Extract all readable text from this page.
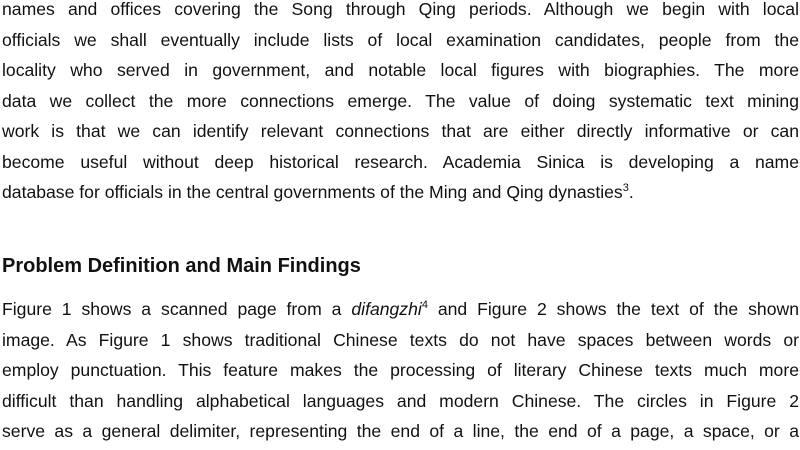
names and offices covering the Song through Qing periods. Although we begin with local
officials we shall eventually include lists of local examination candidates, people from the
locality who served in government, and notable local figures with biographies. The more
data we collect the more connections emerge. The value of doing systematic text mining
work is that we can identify relevant connections that are either directly informative or can
become useful without deep historical research. Academia Sinica is developing a name
database for officials in the central governments of the Ming and Qing dynasties$^3$.
Problem Definition and Main Findings
Figure 1 shows a scanned page from a difangzhi$^4$ and Figure 2 shows the text of the shown
image. As Figure 1 shows traditional Chinese texts do not have spaces between words or
employ punctuation. This feature makes the processing of literary Chinese texts much more
difficult than handling alphabetical languages and modern Chinese. The circles in Figure 2
serve as a general delimiter, representing the end of a line, the end of a page, a space, or a
